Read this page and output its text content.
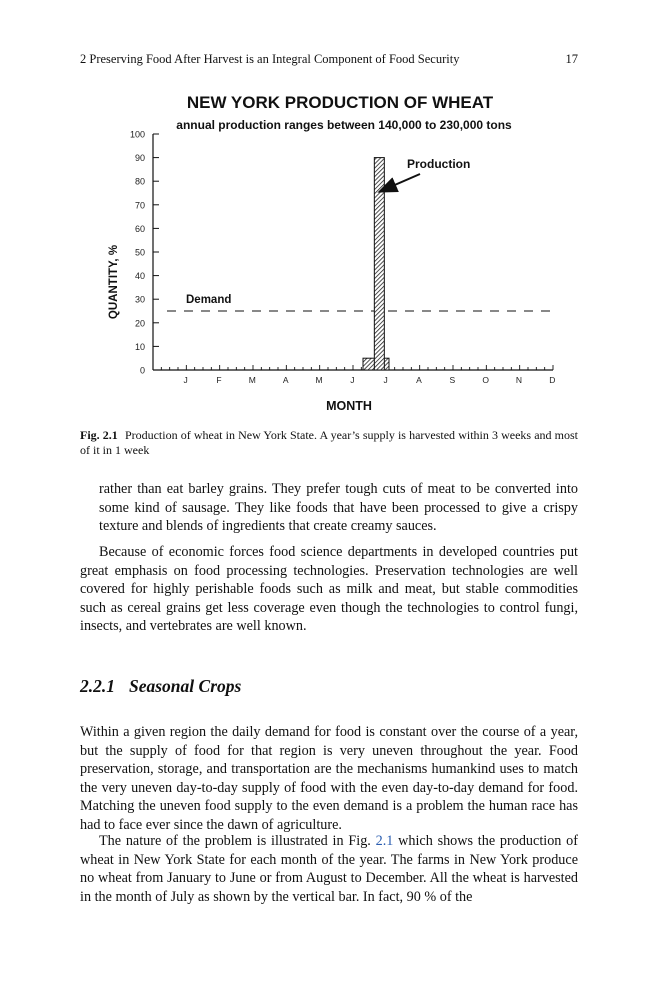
2 Preserving Food After Harvest is an Integral Component of Food Security	17
NEW YORK PRODUCTION OF WHEAT
annual production ranges between 140,000 to 230,000 tons
0
10
20
30
40
50
60
70
80
90
100
QUANTITY, %
J	F	M	A	M	J	J	A	S	O	N	D
MONTH
Demand
Production
Fig. 2.1 Production of wheat in New York State. A year’s supply is harvested within 3 weeks and most of it in 1 week

rather than eat barley grains. They prefer tough cuts of meat to be converted into some kind of sausage. They like foods that have been processed to give a crispy texture and blends of ingredients that create creamy sauces.

Because of economic forces food science departments in developed countries put great emphasis on food processing technologies. Preservation technologies are well covered for highly perishable foods such as milk and meat, but stable commodities such as cereal grains get less coverage even though the technologies to control fungi, insects, and vertebrates are well known.

2.2.1 Seasonal Crops

Within a given region the daily demand for food is constant over the course of a year, but the supply of food for that region is very uneven throughout the year. Food preservation, storage, and transportation are the mechanisms humankind uses to match the very uneven day-to-day supply of food with the even day-to-day demand for food. Matching the uneven food supply to the even demand is a problem the human race has had to face ever since the dawn of agriculture.

The nature of the problem is illustrated in Fig. 2.1 which shows the production of wheat in New York State for each month of the year. The farms in New York produce no wheat from January to June or from August to December. All the wheat is harvested in the month of July as shown by the vertical bar. In fact, 90 % of the
